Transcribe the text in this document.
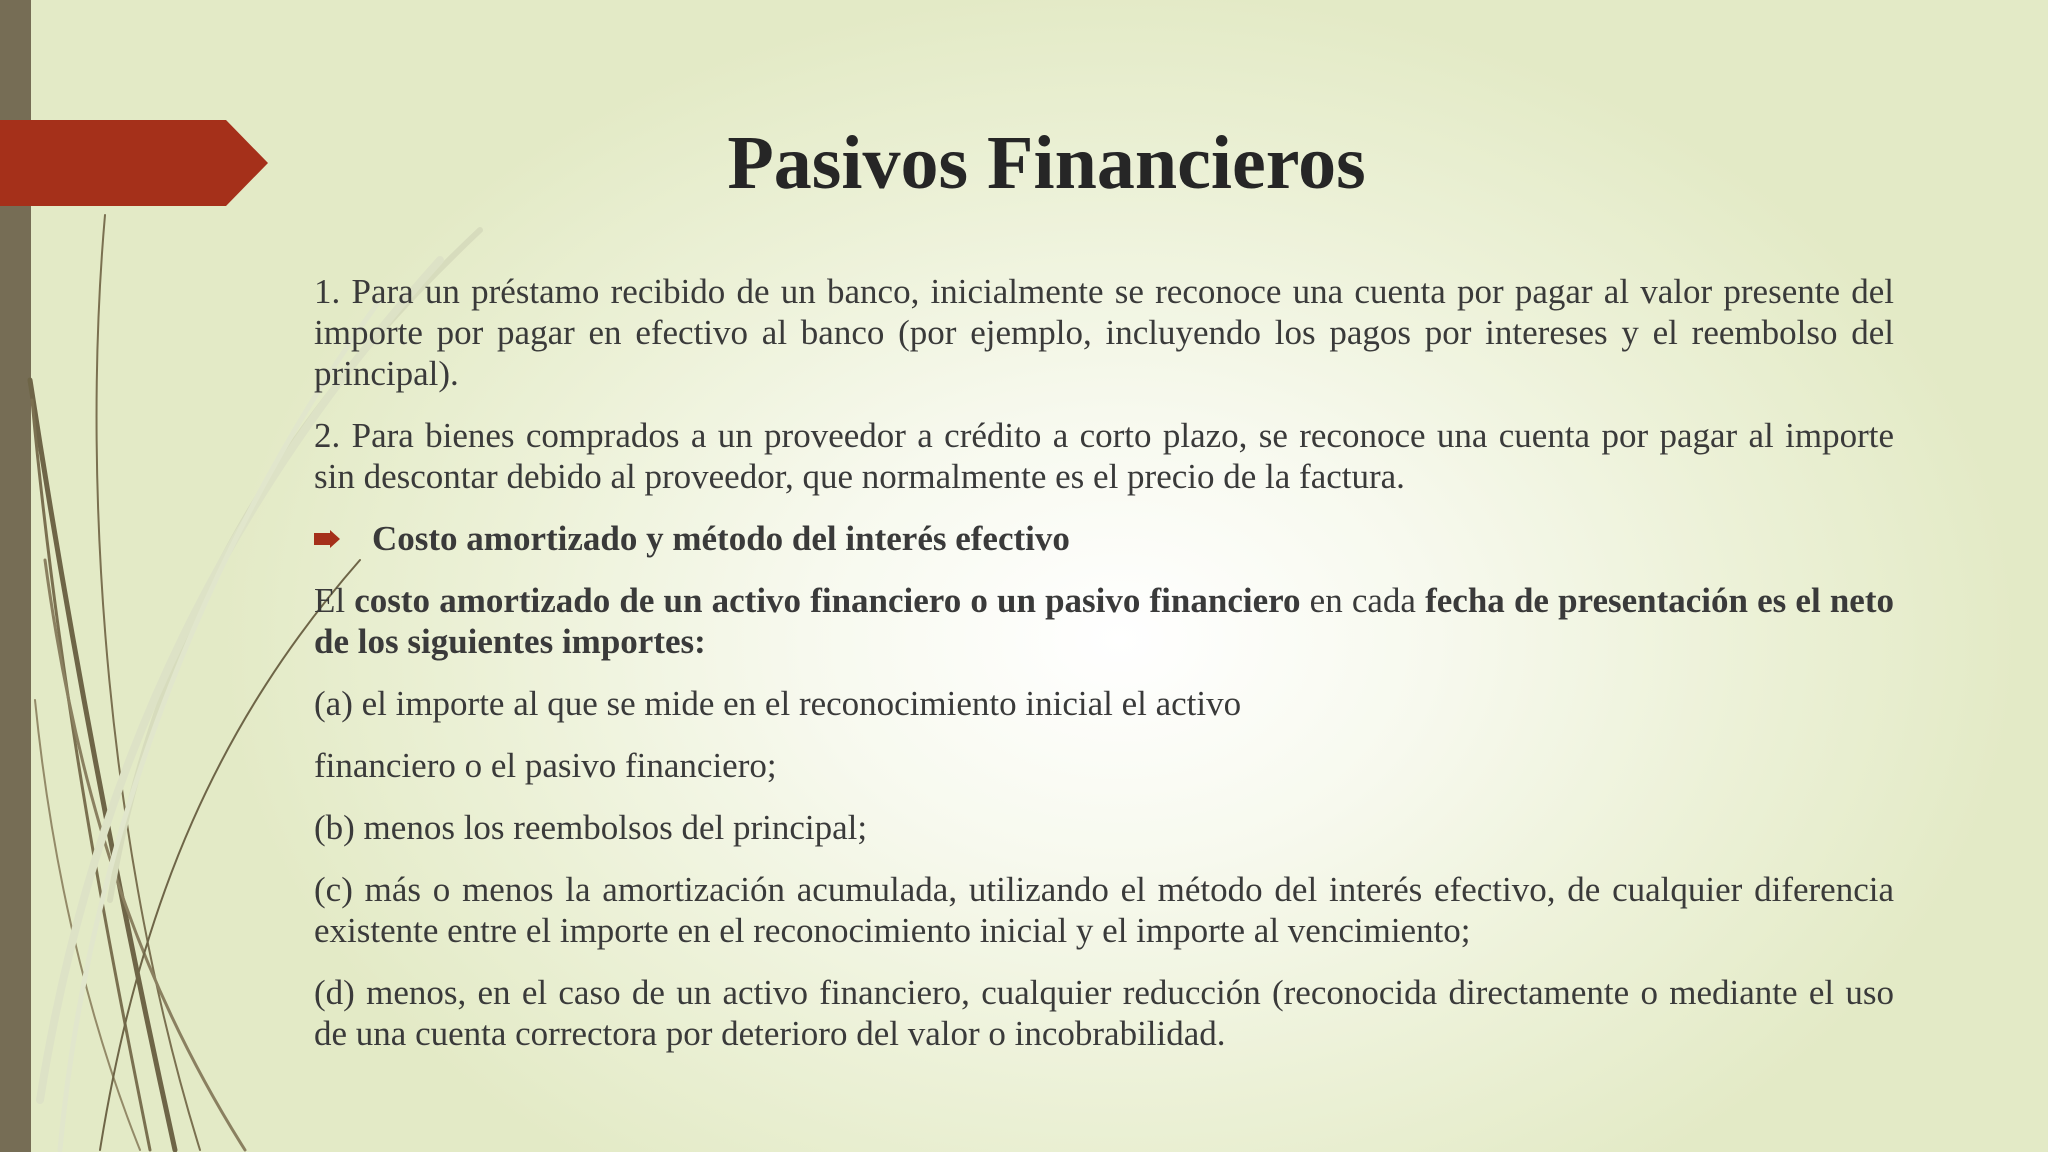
Pasivos Financieros

1. Para un préstamo recibido de un banco, inicialmente se reconoce una cuenta por pagar al valor presente del importe por pagar en efectivo al banco (por ejemplo, incluyendo los pagos por intereses y el reembolso del principal).

2. Para bienes comprados a un proveedor a crédito a corto plazo, se reconoce una cuenta por pagar al importe sin descontar debido al proveedor, que normalmente es el precio de la factura.

Costo amortizado y método del interés efectivo

El costo amortizado de un activo financiero o un pasivo financiero en cada fecha de presentación es el neto de los siguientes importes:

(a) el importe al que se mide en el reconocimiento inicial el activo

financiero o el pasivo financiero;

(b) menos los reembolsos del principal;

(c) más o menos la amortización acumulada, utilizando el método del interés efectivo, de cualquier diferencia existente entre el importe en el reconocimiento inicial y el importe al vencimiento;

(d) menos, en el caso de un activo financiero, cualquier reducción (reconocida directamente o mediante el uso de una cuenta correctora por deterioro del valor o incobrabilidad.
